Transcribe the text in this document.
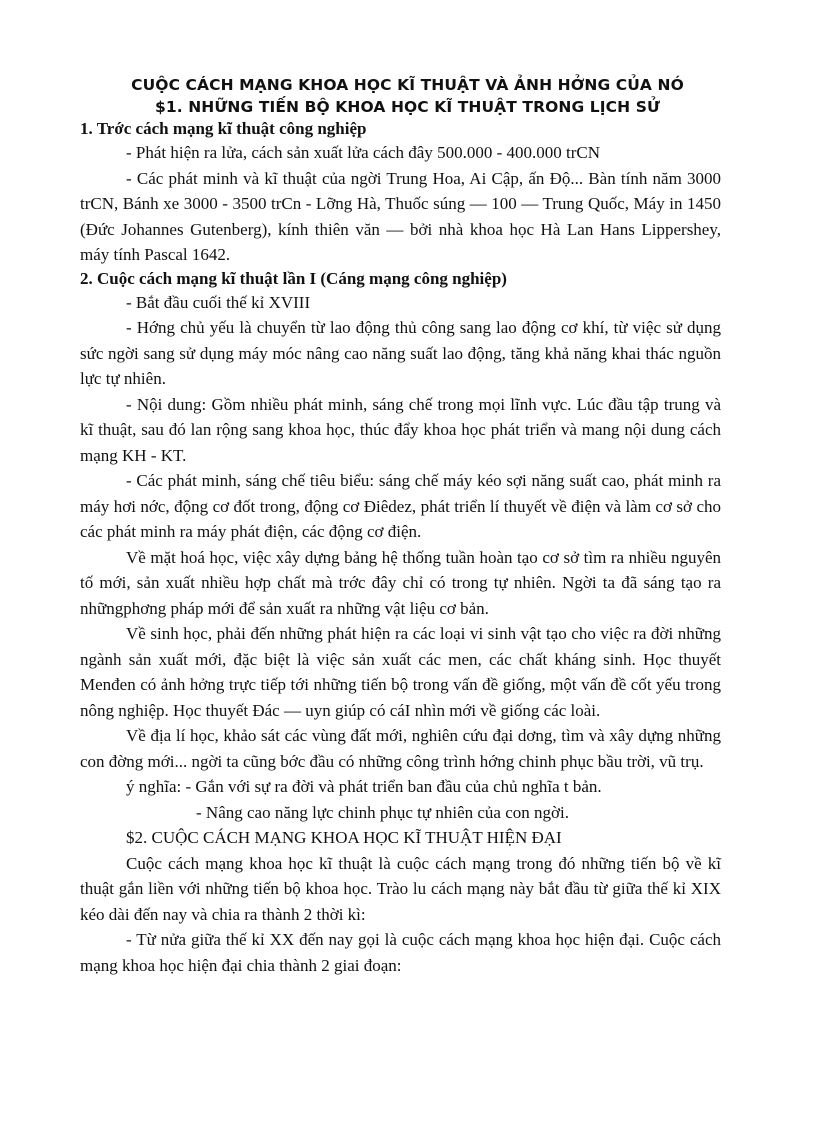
CUỘC CÁCH MẠNG KHOA HỌC KĨ THUẬT VÀ ẢNH HỞNG CỦA NÓ

$1. NHỮNG TIẾN BỘ KHOA HỌC KĨ THUẬT TRONG LỊCH SỬ

1. Trớc cách mạng kĩ thuật công nghiệp

- Phát hiện ra lửa, cách sản xuất lửa cách đây 500.000 - 400.000 trCN

- Các phát minh và kĩ thuật của ngời Trung Hoa, Ai Cập, ấn Độ... Bàn tính năm 3000 trCN, Bánh xe 3000 - 3500 trCn - Lỡng Hà, Thuốc súng — 100 — Trung Quốc, Máy in 1450 (Đức Johannes Gutenberg), kính thiên văn — bởi nhà khoa học Hà Lan Hans Lippershey, máy tính Pascal 1642.

2. Cuộc cách mạng kĩ thuật lần I (Cáng mạng công nghiệp)

- Bắt đầu cuối thế kỉ XVIII

- Hớng chủ yếu là chuyển từ lao động thủ công sang lao động cơ khí, từ việc sử dụng sức ngời sang sử dụng máy móc nâng cao năng suất lao động, tăng khả năng khai thác nguồn lực tự nhiên.

- Nội dung: Gồm nhiều phát minh, sáng chế trong mọi lĩnh vực. Lúc đầu tập trung và kĩ thuật, sau đó lan rộng sang khoa học, thúc đẩy khoa học phát triển và mang nội dung cách mạng KH - KT.

- Các phát minh, sáng chế tiêu biểu: sáng chế máy kéo sợi năng suất cao, phát minh ra máy hơi nớc, động cơ đốt trong, động cơ Điêdez, phát triển lí thuyết về điện và làm cơ sở cho các phát minh ra máy phát điện, các động cơ điện.

Về mặt hoá học, việc xây dựng bảng hệ thống tuần hoàn tạo cơ sở tìm ra nhiều nguyên tố mới, sản xuất nhiều hợp chất mà trớc đây chỉ có trong tự nhiên. Ngời ta đã sáng tạo ra nhữngphơng pháp mới để sản xuất ra những vật liệu cơ bản.

Về sinh học, phải đến những phát hiện ra các loại vi sinh vật tạo cho việc ra đời những ngành sản xuất mới, đặc biệt là việc sản xuất các men, các chất kháng sinh. Học thuyết Menđen có ảnh hởng trực tiếp tới những tiến bộ trong vấn đề giống, một vấn đề cốt yếu trong nông nghiệp. Học thuyết Đác — uyn giúp có cáI nhìn mới về giống các loài.

Về địa lí học, khảo sát các vùng đất mới, nghiên cứu đại dơng, tìm và xây dựng những con đờng mới... ngời ta cũng bớc đầu có những công trình hớng chinh phục bầu trời, vũ trụ.

ý nghĩa: - Gắn với sự ra đời và phát triển ban đầu của chủ nghĩa t bản.

- Nâng cao năng lực chinh phục tự nhiên của con ngời.

$2. CUỘC CÁCH MẠNG KHOA HỌC KĨ THUẬT HIỆN ĐẠI

Cuộc cách mạng khoa học kĩ thuật là cuộc cách mạng trong đó những tiến bộ về kĩ thuật gắn liền với những tiến bộ khoa học. Trào lu cách mạng này bắt đầu từ giữa thế kỉ XIX kéo dài đến nay và chia ra thành 2 thời kì:

- Từ nửa giữa thế kỉ XX đến nay gọi là cuộc cách mạng khoa học hiện đại. Cuộc cách mạng khoa học hiện đại chia thành 2 giai đoạn:
